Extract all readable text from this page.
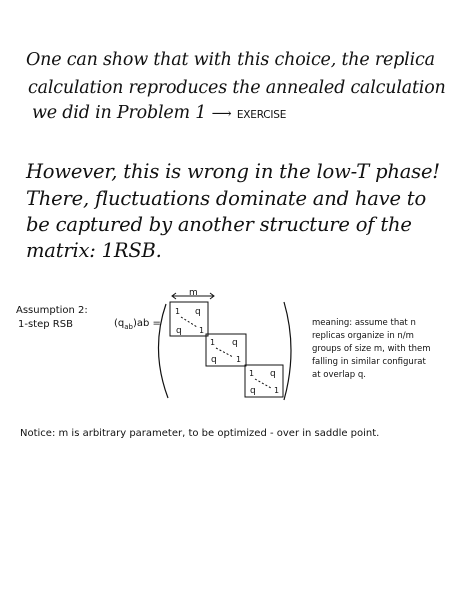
One can show that with this choice, the replica
calculation reproduces the annealed calculation
we did in Problem 1 ⟶ EXERCISE
However, this is wrong in the low-T phase!
There, fluctuations dominate and have to
be captured by another structure of the
matrix: 1RSB.
Assumption 2:
1-step RSB	$(q_{ab})ab$ =
m
1 q
q 1
1 q
q 1
1 q
q 1
meaning: assume that n
replicas organize in n/m
groups of size m, with them
falling in similar configurat
at overlap q.
Notice: m is arbitrary parameter, to be optimized - over in saddle point.
